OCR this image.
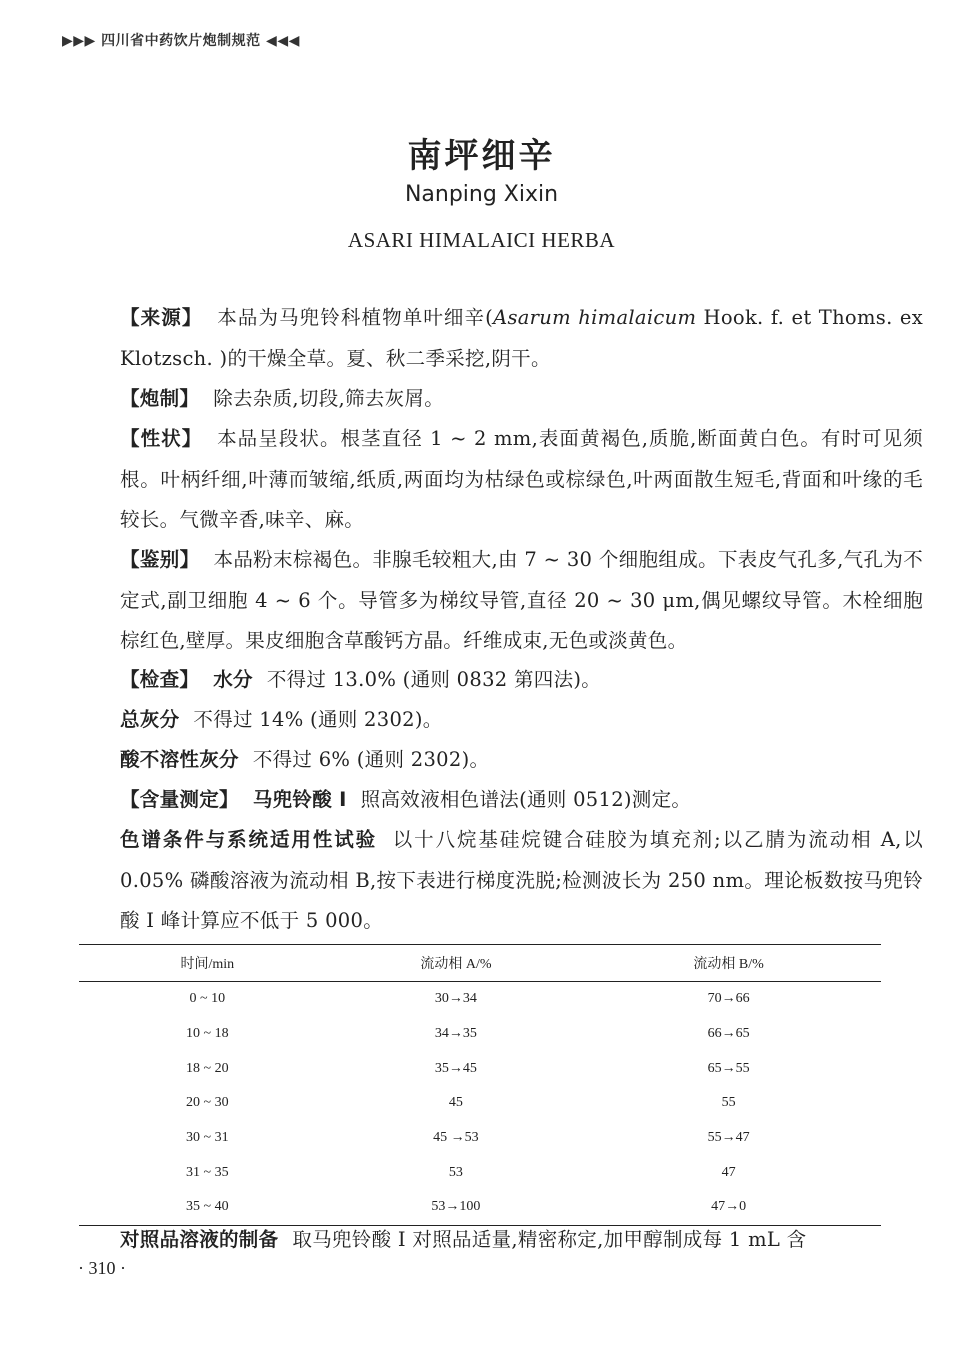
▶▶▶ 四川省中药饮片炮制规范 ◀◀◀
南坪细辛
Nanping Xixin
ASARI HIMALAICI HERBA
【来源】 本品为马兜铃科植物单叶细辛(Asarum himalaicum Hook. f. et Thoms. ex Klotzsch. )的干燥全草。夏、秋二季采挖,阴干。
【炮制】 除去杂质,切段,筛去灰屑。
【性状】 本品呈段状。根茎直径 1 ~ 2 mm,表面黄褐色,质脆,断面黄白色。有时可见须根。叶柄纤细,叶薄而皱缩,纸质,两面均为枯绿色或棕绿色,叶两面散生短毛,背面和叶缘的毛较长。气微辛香,味辛、麻。
【鉴别】 本品粉末棕褐色。非腺毛较粗大,由 7 ~ 30 个细胞组成。下表皮气孔多,气孔为不定式,副卫细胞 4 ~ 6 个。导管多为梯纹导管,直径 20 ~ 30 μm,偶见螺纹导管。木栓细胞棕红色,壁厚。果皮细胞含草酸钙方晶。纤维成束,无色或淡黄色。
【检查】 水分 不得过 13.0% (通则 0832 第四法)。
总灰分 不得过 14% (通则 2302)。
酸不溶性灰分 不得过 6% (通则 2302)。
【含量测定】 马兜铃酸 Ⅰ 照高效液相色谱法(通则 0512)测定。
色谱条件与系统适用性试验 以十八烷基硅烷键合硅胶为填充剂;以乙腈为流动相 A,以 0.05% 磷酸溶液为流动相 B,按下表进行梯度洗脱;检测波长为 250 nm。理论板数按马兜铃酸 Ⅰ 峰计算应不低于 5 000。
时间/min	流动相 A/%	流动相 B/%
0 ~ 10	30→34	70→66
10 ~ 18	34→35	66→65
18 ~ 20	35→45	65→55
20 ~ 30	45	55
30 ~ 31	45 →53	55→47
31 ~ 35	53	47
35 ~ 40	53→100	47→0
对照品溶液的制备 取马兜铃酸 Ⅰ 对照品适量,精密称定,加甲醇制成每 1 mL 含
· 310 ·
